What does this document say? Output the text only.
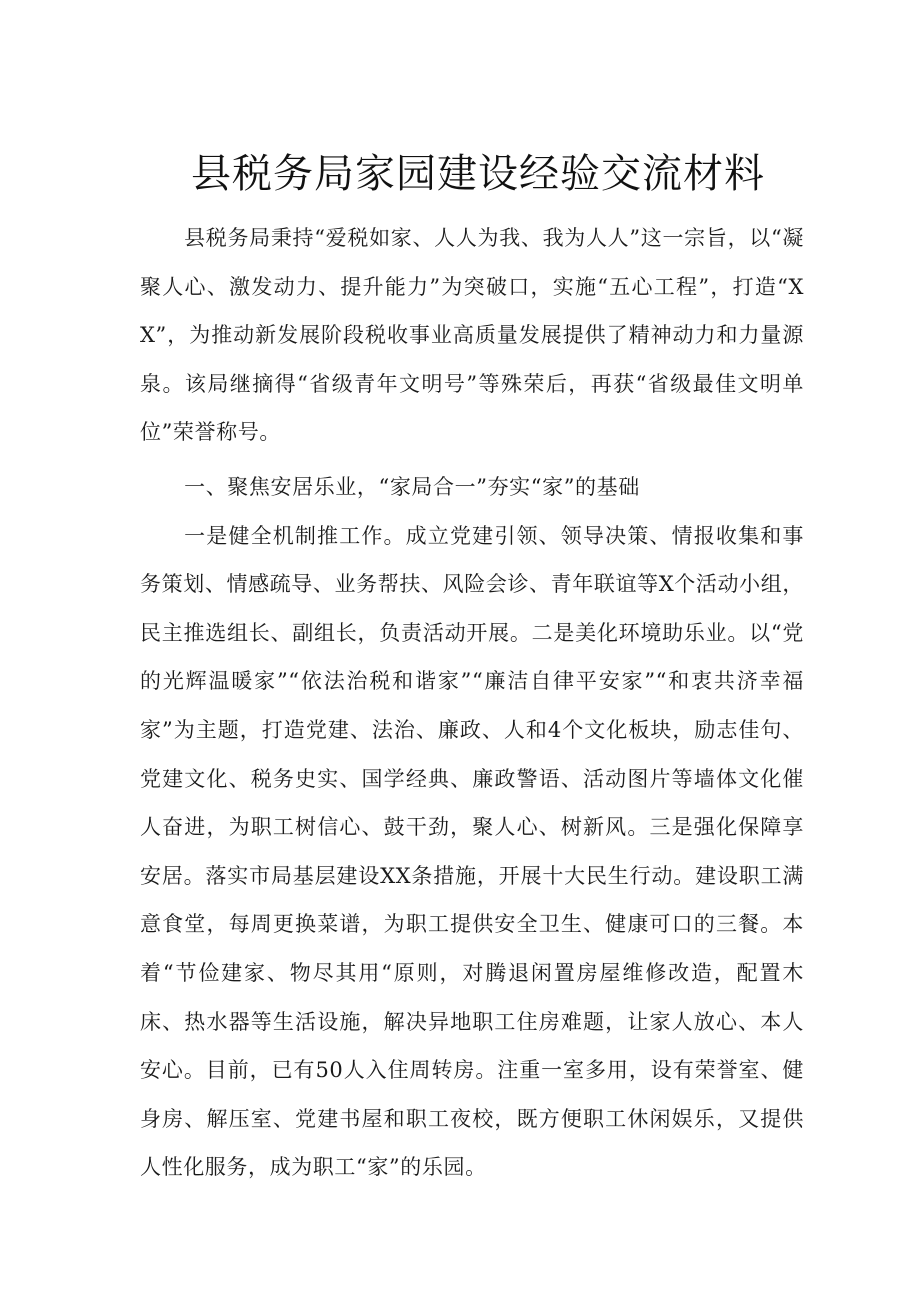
县税务局家园建设经验交流材料

县税务局秉持“爱税如家、人人为我、我为人人”这一宗旨，以“凝聚人心、激发动力、提升能力”为突破口，实施“五心工程”，打造“XX”，为推动新发展阶段税收事业高质量发展提供了精神动力和力量源泉。该局继摘得“省级青年文明号”等殊荣后，再获“省级最佳文明单位”荣誉称号。

一、聚焦安居乐业，“家局合一”夯实“家”的基础

一是健全机制推工作。成立党建引领、领导决策、情报收集和事务策划、情感疏导、业务帮扶、风险会诊、青年联谊等X个活动小组，民主推选组长、副组长，负责活动开展。二是美化环境助乐业。以“党的光辉温暖家”“依法治税和谐家”“廉洁自律平安家”“和衷共济幸福家”为主题，打造党建、法治、廉政、人和4个文化板块，励志佳句、党建文化、税务史实、国学经典、廉政警语、活动图片等墙体文化催人奋进，为职工树信心、鼓干劲，聚人心、树新风。三是强化保障享安居。落实市局基层建设XX条措施，开展十大民生行动。建设职工满意食堂，每周更换菜谱，为职工提供安全卫生、健康可口的三餐。本着“节俭建家、物尽其用“原则，对腾退闲置房屋维修改造，配置木床、热水器等生活设施，解决异地职工住房难题，让家人放心、本人安心。目前，已有50人入住周转房。注重一室多用，设有荣誉室、健身房、解压室、党建书屋和职工夜校，既方便职工休闲娱乐，又提供人性化服务，成为职工“家”的乐园。
